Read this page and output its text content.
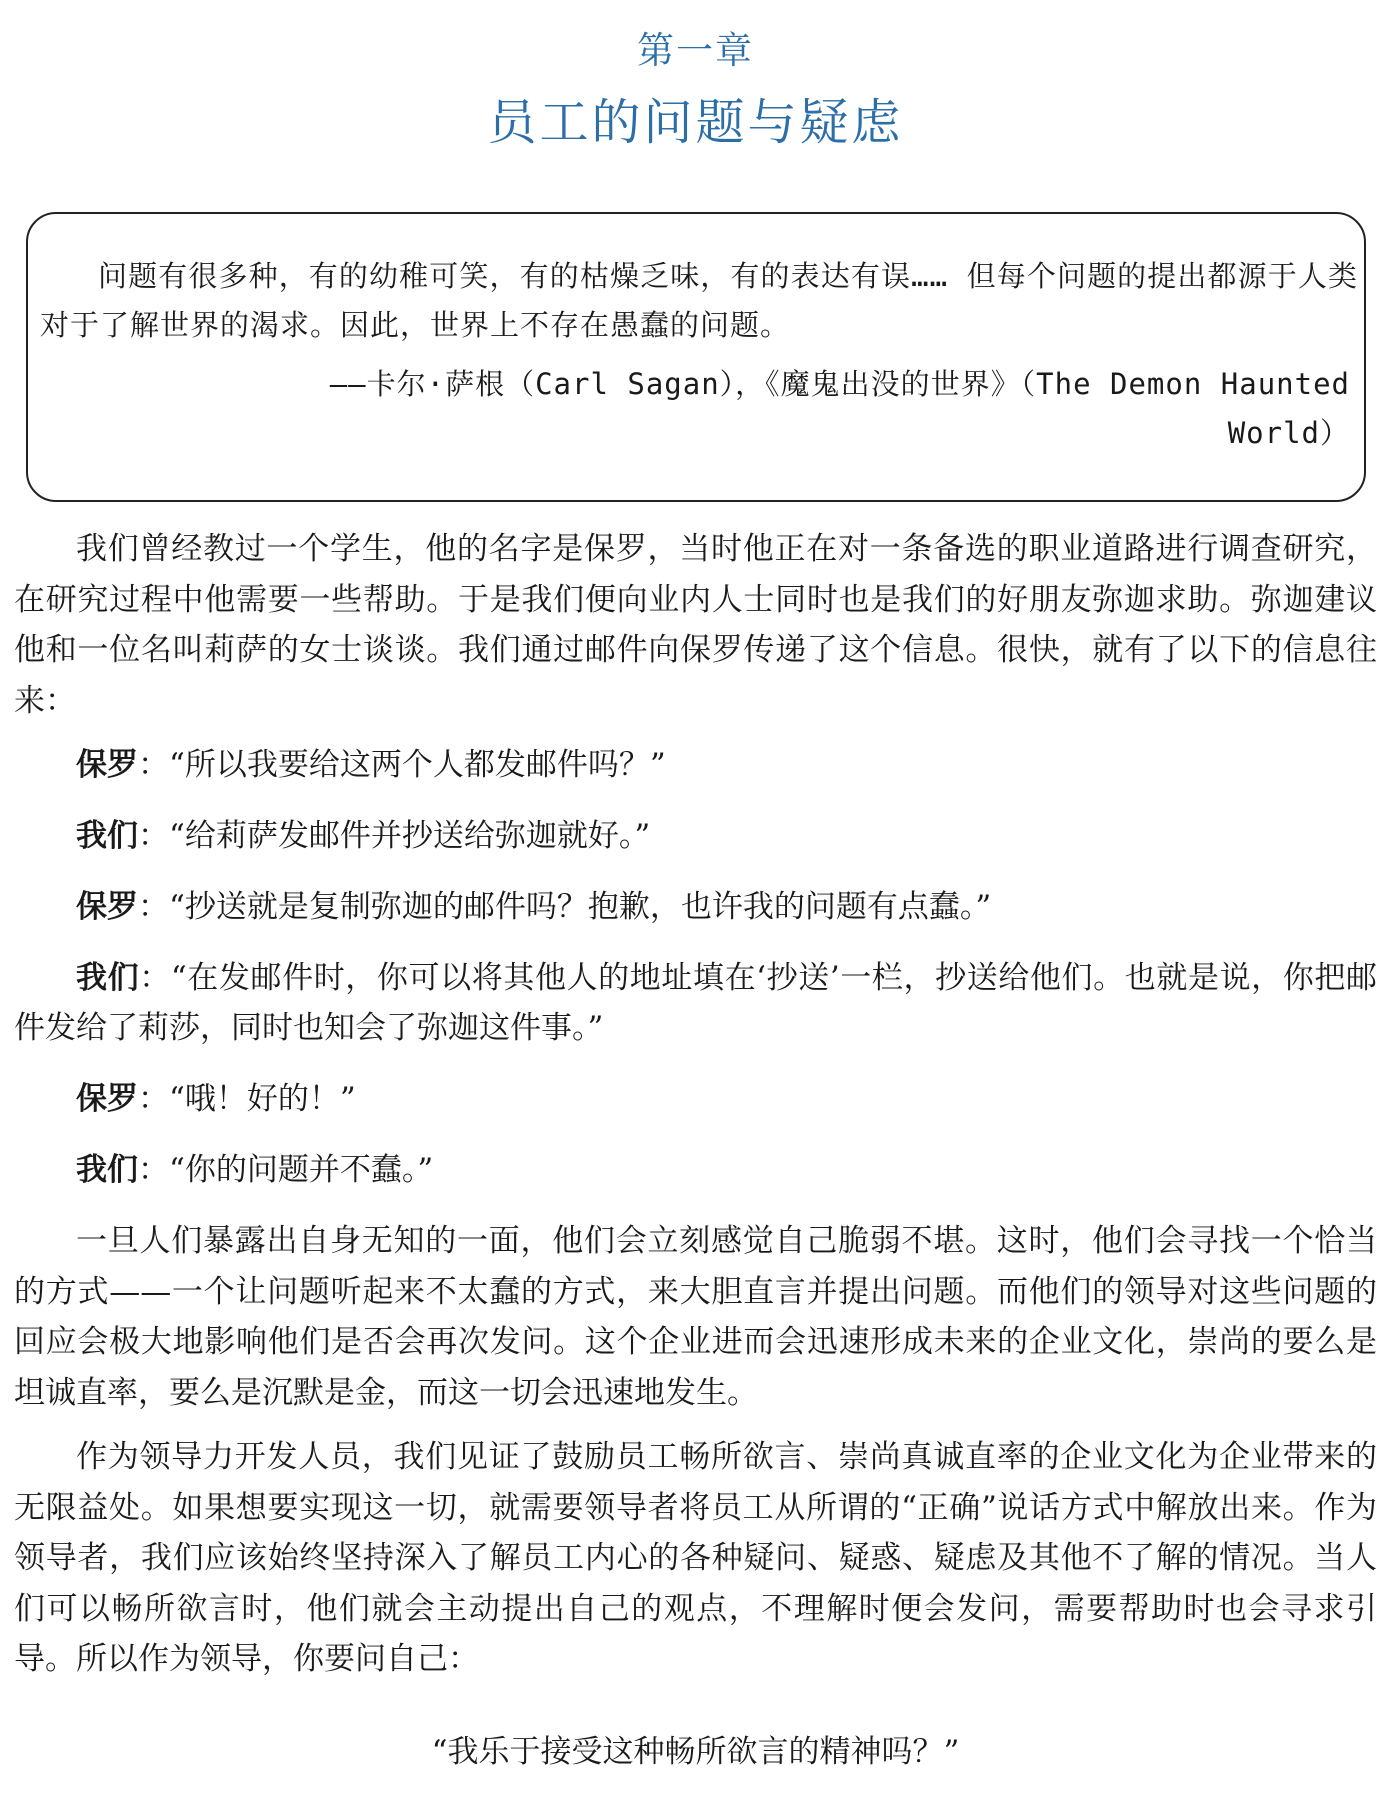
第一章
员工的问题与疑虑
问题有很多种，有的幼稚可笑，有的枯燥乏味，有的表达有误…… 但每个问题的提出都源于人类对于了解世界的渴求。因此，世界上不存在愚蠢的问题。
——卡尔·萨根（Carl Sagan），《魔鬼出没的世界》（The Demon Haunted World）

我们曾经教过一个学生，他的名字是保罗，当时他正在对一条备选的职业道路进行调查研究，在研究过程中他需要一些帮助。于是我们便向业内人士同时也是我们的好朋友弥迦求助。弥迦建议他和一位名叫莉萨的女士谈谈。我们通过邮件向保罗传递了这个信息。很快，就有了以下的信息往来：

保罗：“所以我要给这两个人都发邮件吗？”

我们：“给莉萨发邮件并抄送给弥迦就好。”

保罗：“抄送就是复制弥迦的邮件吗？抱歉，也许我的问题有点蠢。”

我们：“在发邮件时，你可以将其他人的地址填在‘抄送’一栏，抄送给他们。也就是说，你把邮件发给了莉莎，同时也知会了弥迦这件事。”

保罗：“哦！好的！”

我们：“你的问题并不蠢。”

一旦人们暴露出自身无知的一面，他们会立刻感觉自己脆弱不堪。这时，他们会寻找一个恰当的方式——一个让问题听起来不太蠢的方式，来大胆直言并提出问题。而他们的领导对这些问题的回应会极大地影响他们是否会再次发问。这个企业进而会迅速形成未来的企业文化，崇尚的要么是坦诚直率，要么是沉默是金，而这一切会迅速地发生。

作为领导力开发人员，我们见证了鼓励员工畅所欲言、崇尚真诚直率的企业文化为企业带来的无限益处。如果想要实现这一切，就需要领导者将员工从所谓的“正确”说话方式中解放出来。作为领导者，我们应该始终坚持深入了解员工内心的各种疑问、疑惑、疑虑及其他不了解的情况。当人们可以畅所欲言时，他们就会主动提出自己的观点，不理解时便会发问，需要帮助时也会寻求引导。所以作为领导，你要问自己：

“我乐于接受这种畅所欲言的精神吗？”
